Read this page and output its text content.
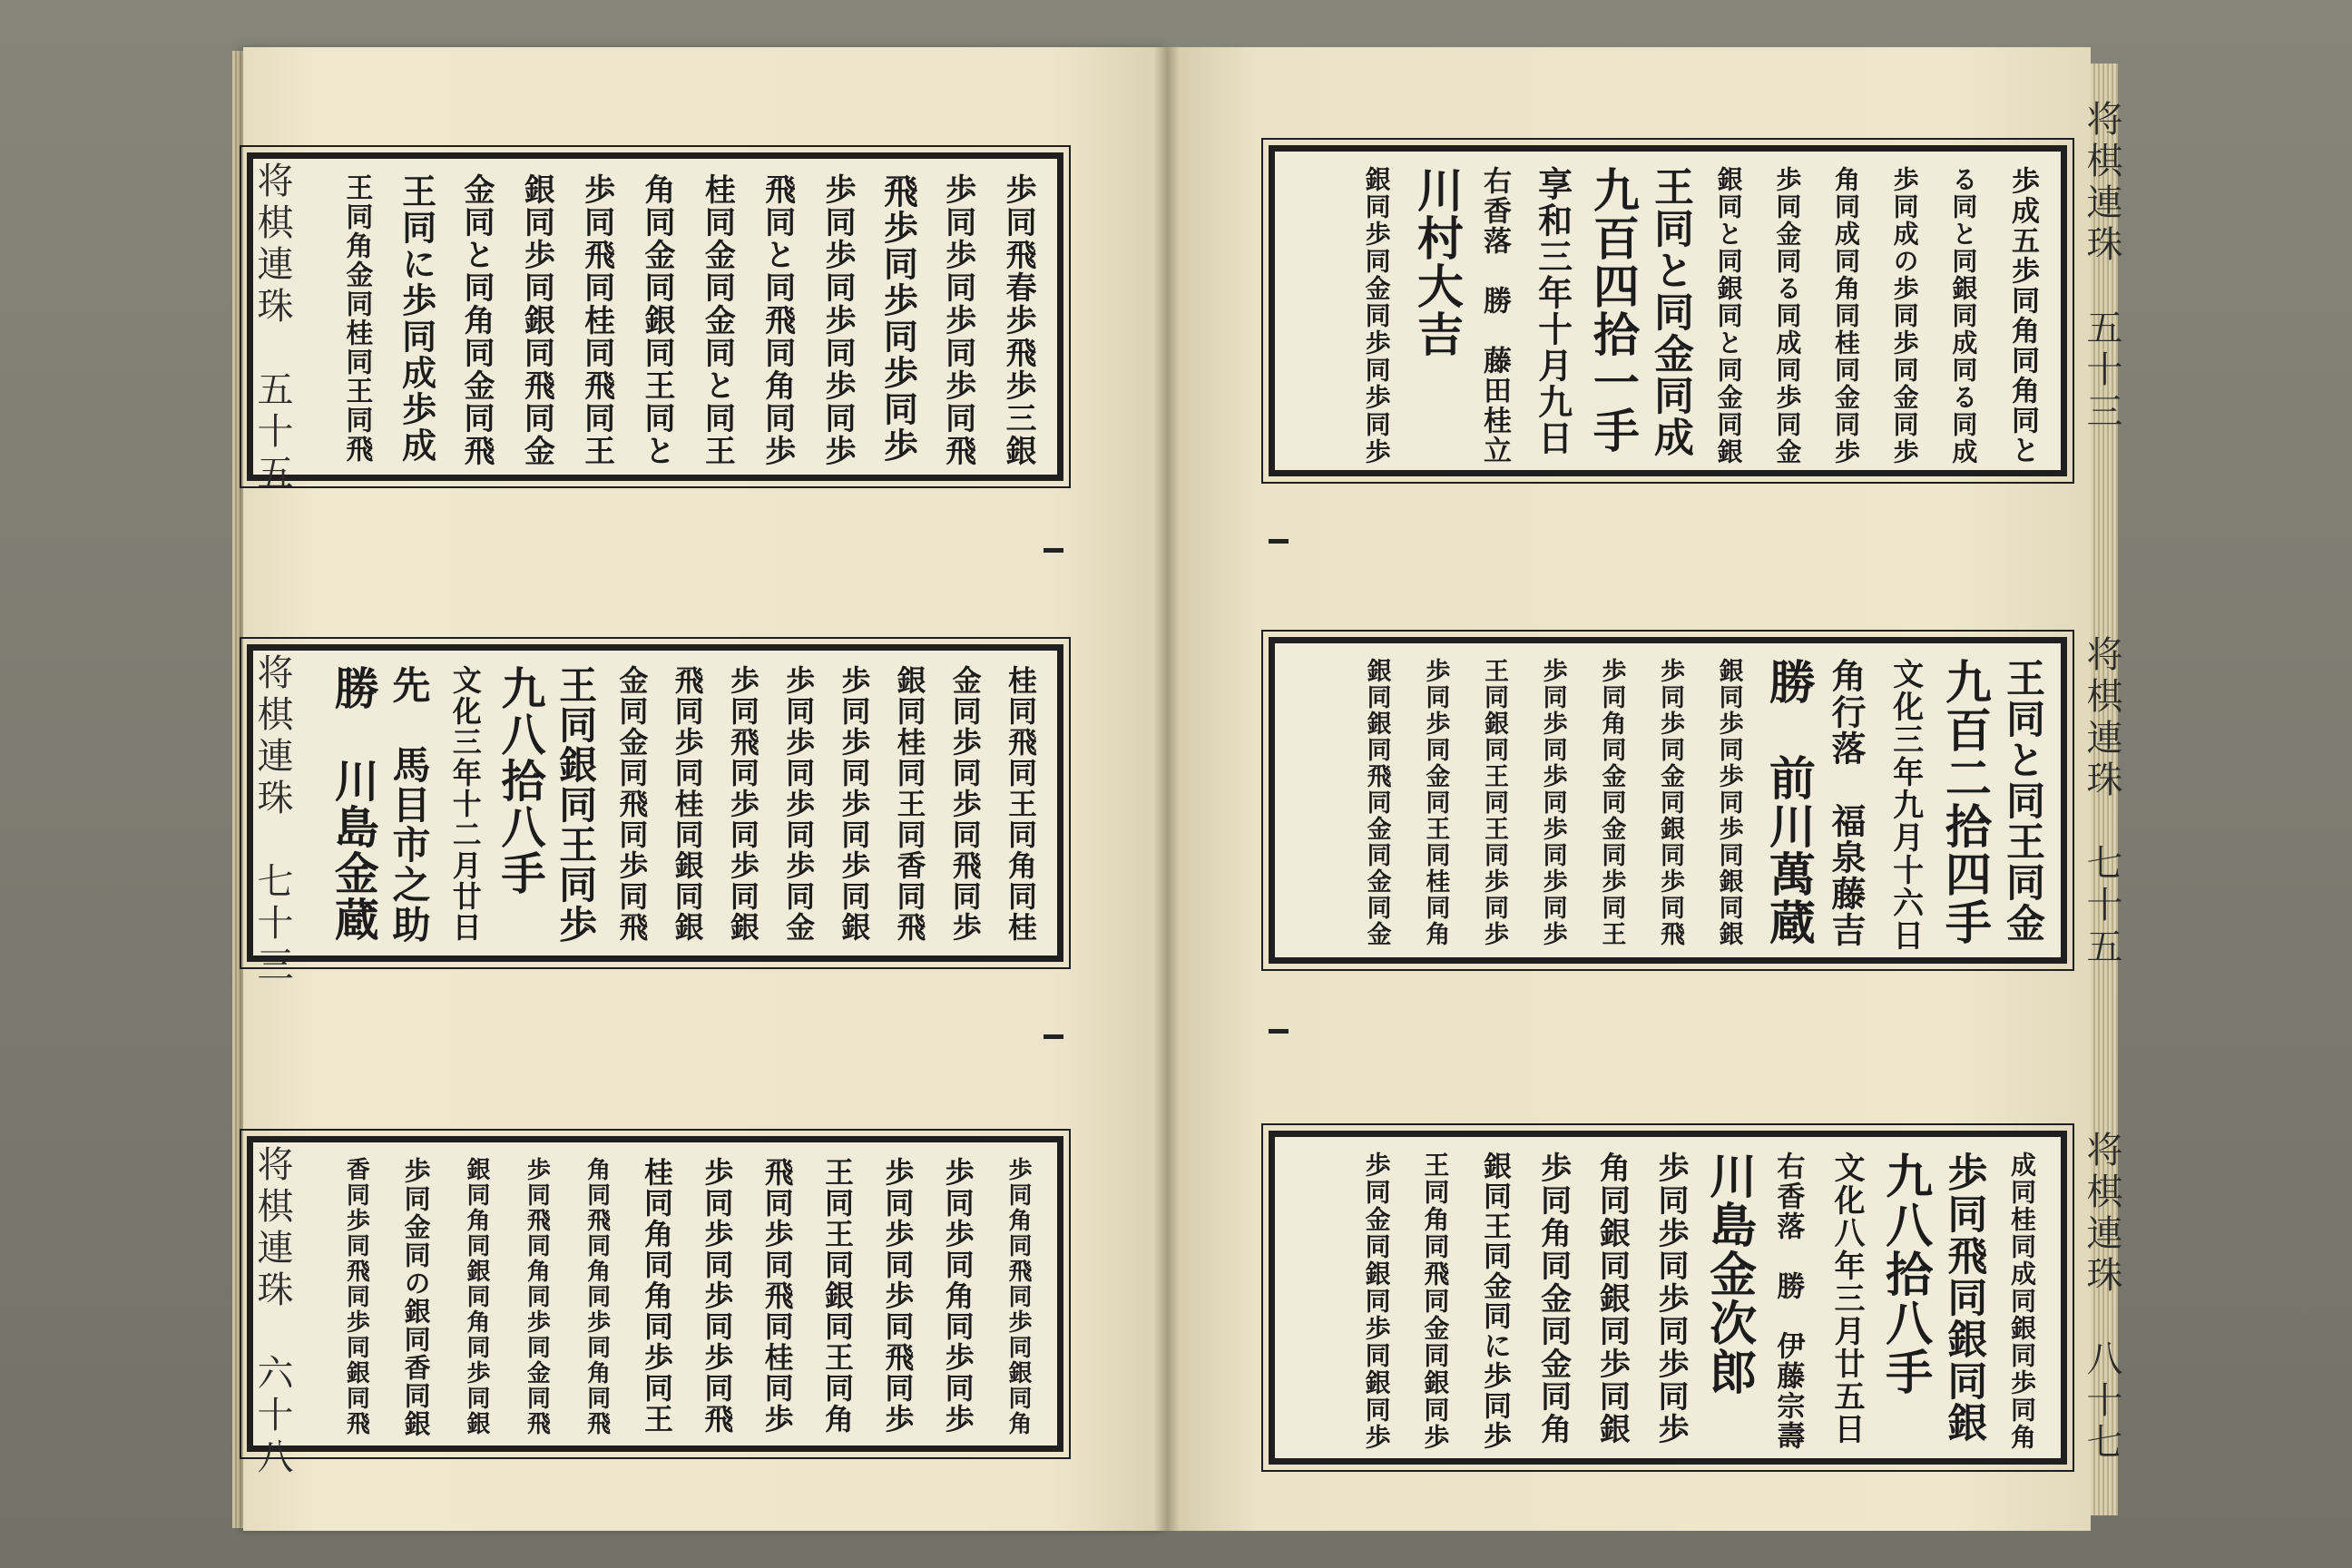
歩同飛春歩飛歩三銀
歩同歩同歩同歩同飛
飛歩同歩同歩同歩
歩同歩同歩同歩同歩
飛同と同飛同角同歩
桂同金同金同と同王
角同金同銀同王同と
歩同飛同桂同飛同王
銀同歩同銀同飛同金
金同と同角同金同飛
王同に歩同成歩成
王同角金同桂同王同飛
将棋連珠　五十五
桂同飛同王同角同桂
金同歩同歩同飛同歩
銀同桂同王同香同飛
歩同歩同歩同歩同銀
歩同歩同歩同歩同金
歩同飛同歩同歩同銀
飛同歩同桂同銀同銀
金同金同飛同歩同飛
王同銀同王同歩
九八拾八手
文化三年十二月廿日
先　馬目市之助
勝　川島金蔵
将棋連珠　七十三
歩同角同飛同歩同銀同角
歩同歩同角同歩同歩
歩同歩同歩同飛同歩
王同王同銀同王同角
飛同歩同飛同桂同歩
歩同歩同歩同歩同飛
桂同角同角同歩同王
角同飛同角同歩同角同飛
歩同飛同角同歩同金同飛
銀同角同銀同角同歩同銀
歩同金同の銀同香同銀
香同歩同飛同歩同銀同飛
将棋連珠　六十八
歩成五歩同角同角同と
る同と同銀同成同る同成
歩同成の歩同歩同金同歩
角同成同角同桂同金同歩
歩同金同る同成同歩同金
銀同と同銀同と同金同銀
王同と同金同成
九百四拾一手
享和三年十月九日
右香落　勝　藤田桂立
川村大吉
銀同歩同金同歩同歩同歩	将棋連珠　五十三
王同と同王同金
九百二拾四手
文化三年九月十六日
角行落　福泉藤吉
勝　前川萬蔵
銀同歩同歩同歩同銀同銀
歩同歩同金同銀同歩同飛
歩同角同金同金同歩同王
歩同歩同歩同歩同歩同歩
王同銀同王同王同歩同歩
歩同歩同金同王同桂同角
銀同銀同飛同金同金同金	将棋連珠　七十五
成同桂同成同銀同歩同角
歩同飛同銀同銀
九八拾八手
文化八年三月廿五日
右香落　勝　伊藤宗壽
川島金次郎
歩同歩同歩同歩同歩
角同銀同銀同歩同銀
歩同角同金同金同角
銀同王同金同に歩同歩
王同角同飛同金同銀同歩
歩同金同銀同歩同銀同歩	将棋連珠　八十七
